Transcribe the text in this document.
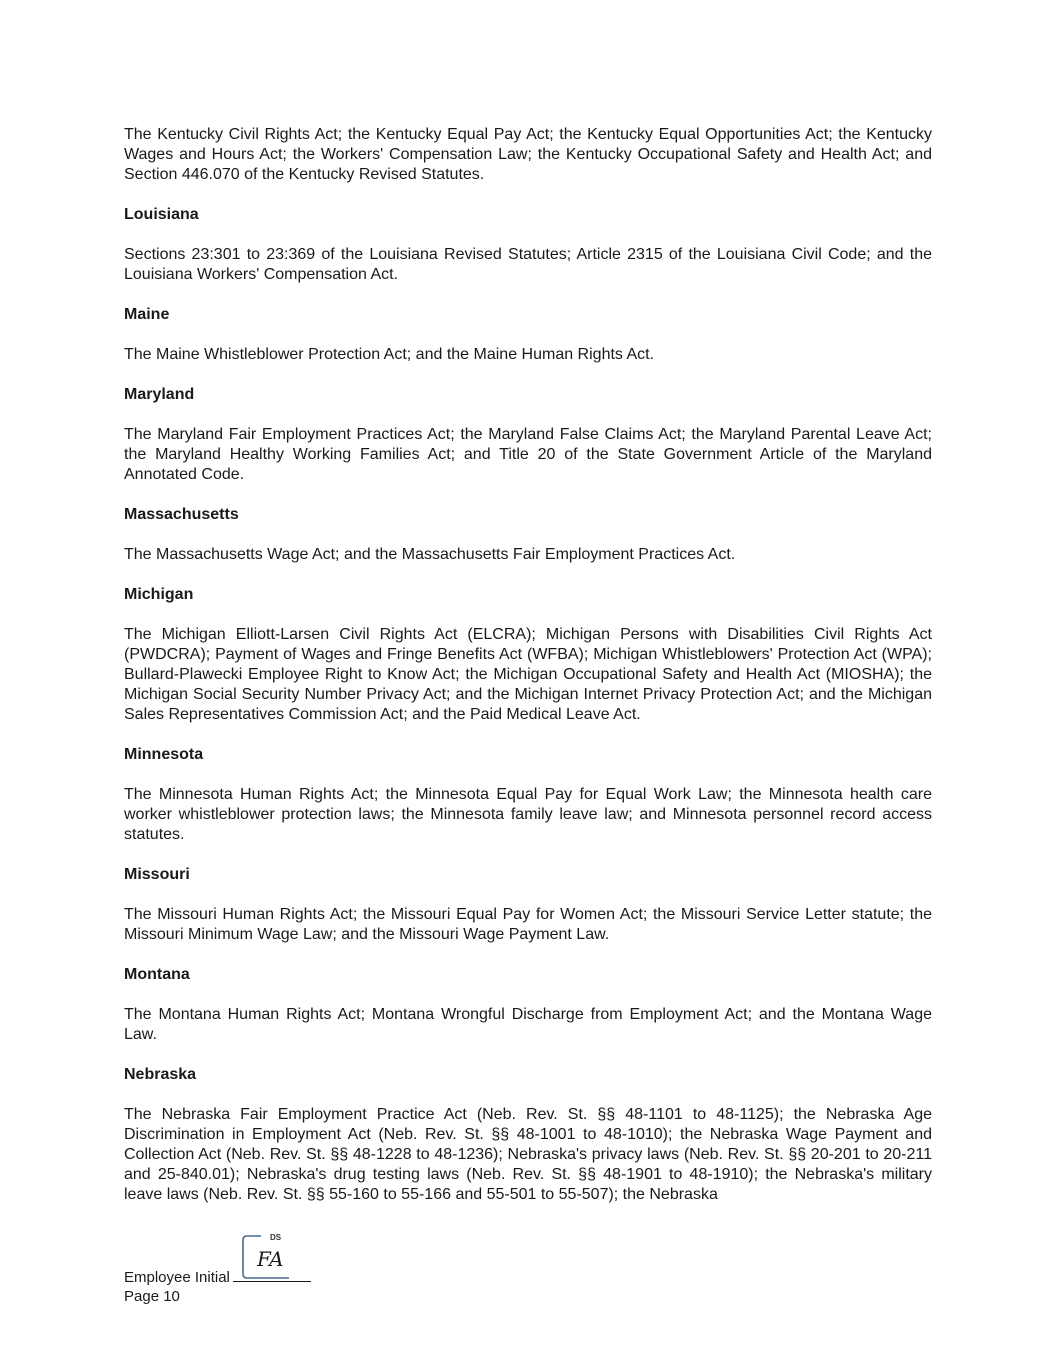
The Kentucky Civil Rights Act; the Kentucky Equal Pay Act; the Kentucky Equal Opportunities Act; the Kentucky Wages and Hours Act; the Workers' Compensation Law; the Kentucky Occupational Safety and Health Act; and Section 446.070 of the Kentucky Revised Statutes.

Louisiana

Sections 23:301 to 23:369 of the Louisiana Revised Statutes; Article 2315 of the Louisiana Civil Code; and the Louisiana Workers' Compensation Act.

Maine

The Maine Whistleblower Protection Act; and the Maine Human Rights Act.

Maryland

The Maryland Fair Employment Practices Act; the Maryland False Claims Act; the Maryland Parental Leave Act; the Maryland Healthy Working Families Act; and Title 20 of the State Government Article of the Maryland Annotated Code.

Massachusetts

The Massachusetts Wage Act; and the Massachusetts Fair Employment Practices Act.

Michigan

The Michigan Elliott-Larsen Civil Rights Act (ELCRA); Michigan Persons with Disabilities Civil Rights Act (PWDCRA); Payment of Wages and Fringe Benefits Act (WFBA); Michigan Whistleblowers' Protection Act (WPA); Bullard-Plawecki Employee Right to Know Act; the Michigan Occupational Safety and Health Act (MIOSHA); the Michigan Social Security Number Privacy Act; and the Michigan Internet Privacy Protection Act; and the Michigan Sales Representatives Commission Act; and the Paid Medical Leave Act.

Minnesota

The Minnesota Human Rights Act; the Minnesota Equal Pay for Equal Work Law; the Minnesota health care worker whistleblower protection laws; the Minnesota family leave law; and Minnesota personnel record access statutes.

Missouri

The Missouri Human Rights Act; the Missouri Equal Pay for Women Act; the Missouri Service Letter statute; the Missouri Minimum Wage Law; and the Missouri Wage Payment Law.

Montana

The Montana Human Rights Act; Montana Wrongful Discharge from Employment Act; and the Montana Wage Law.

Nebraska

The Nebraska Fair Employment Practice Act (Neb. Rev. St. §§ 48-1101 to 48-1125); the Nebraska Age Discrimination in Employment Act (Neb. Rev. St. §§ 48-1001 to 48-1010); the Nebraska Wage Payment and Collection Act (Neb. Rev. St. §§ 48-1228 to 48-1236); Nebraska's privacy laws (Neb. Rev. St. §§ 20-201 to 20-211 and 25-840.01); Nebraska's drug testing laws (Neb. Rev. St. §§ 48-1901 to 48-1910); the Nebraska's military leave laws (Neb. Rev. St. §§ 55-160 to 55-166 and 55-501 to 55-507); the Nebraska

DS
FA
Employee Initial
Page 10
